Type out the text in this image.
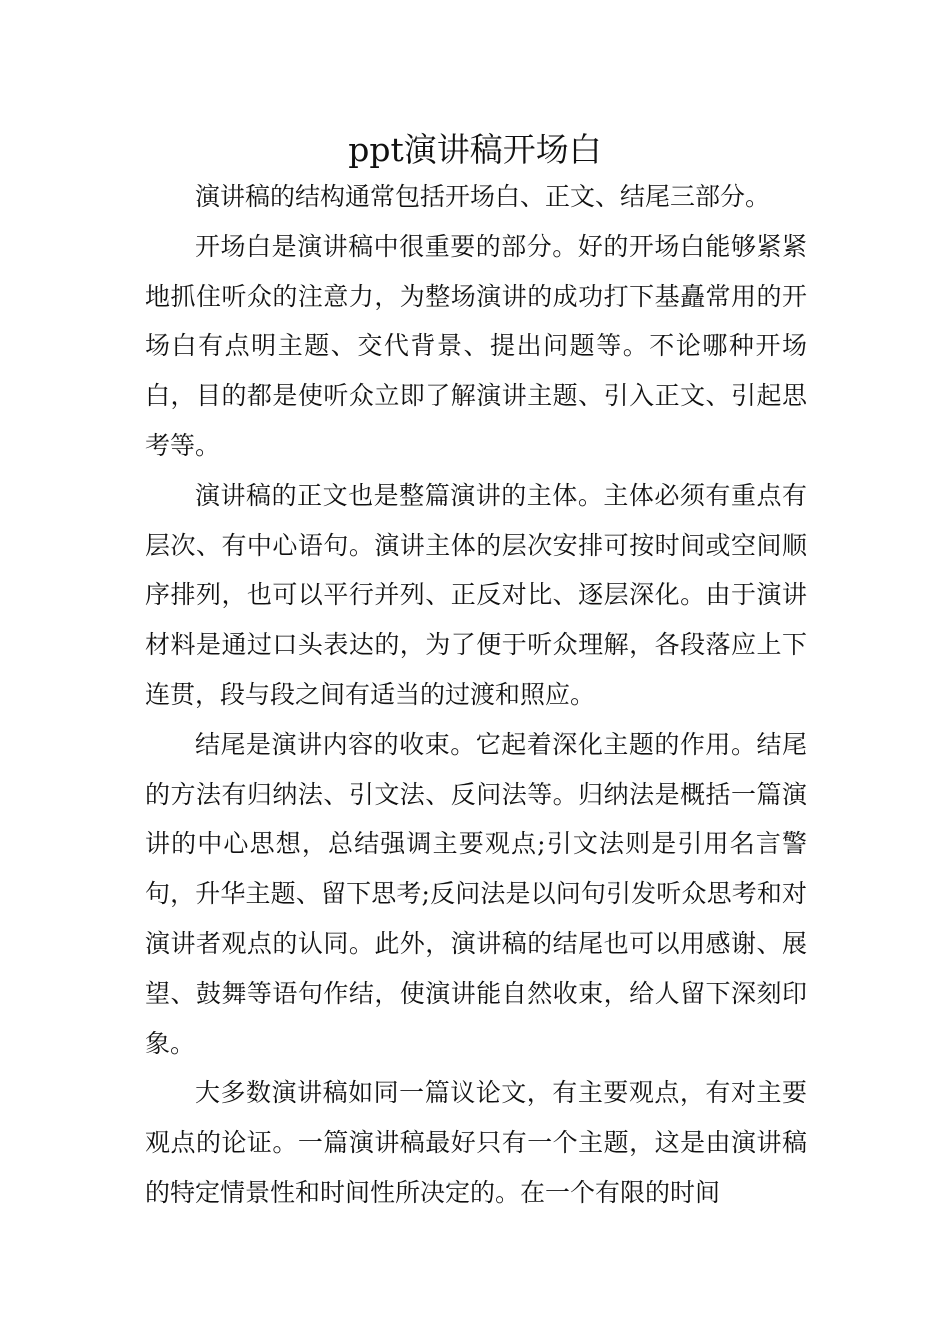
ppt演讲稿开场白

演讲稿的结构通常包括开场白、正文、结尾三部分。

开场白是演讲稿中很重要的部分。好的开场白能够紧紧地抓住听众的注意力，为整场演讲的成功打下基矗常用的开场白有点明主题、交代背景、提出问题等。不论哪种开场白，目的都是使听众立即了解演讲主题、引入正文、引起思考等。

演讲稿的正文也是整篇演讲的主体。主体必须有重点有层次、有中心语句。演讲主体的层次安排可按时间或空间顺序排列，也可以平行并列、正反对比、逐层深化。由于演讲材料是通过口头表达的，为了便于听众理解，各段落应上下连贯，段与段之间有适当的过渡和照应。

结尾是演讲内容的收束。它起着深化主题的作用。结尾的方法有归纳法、引文法、反问法等。归纳法是概括一篇演讲的中心思想，总结强调主要观点;引文法则是引用名言警句，升华主题、留下思考;反问法是以问句引发听众思考和对演讲者观点的认同。此外，演讲稿的结尾也可以用感谢、展望、鼓舞等语句作结，使演讲能自然收束，给人留下深刻印象。

大多数演讲稿如同一篇议论文，有主要观点，有对主要观点的论证。一篇演讲稿最好只有一个主题，这是由演讲稿的特定情景性和时间性所决定的。在一个有限的时间
